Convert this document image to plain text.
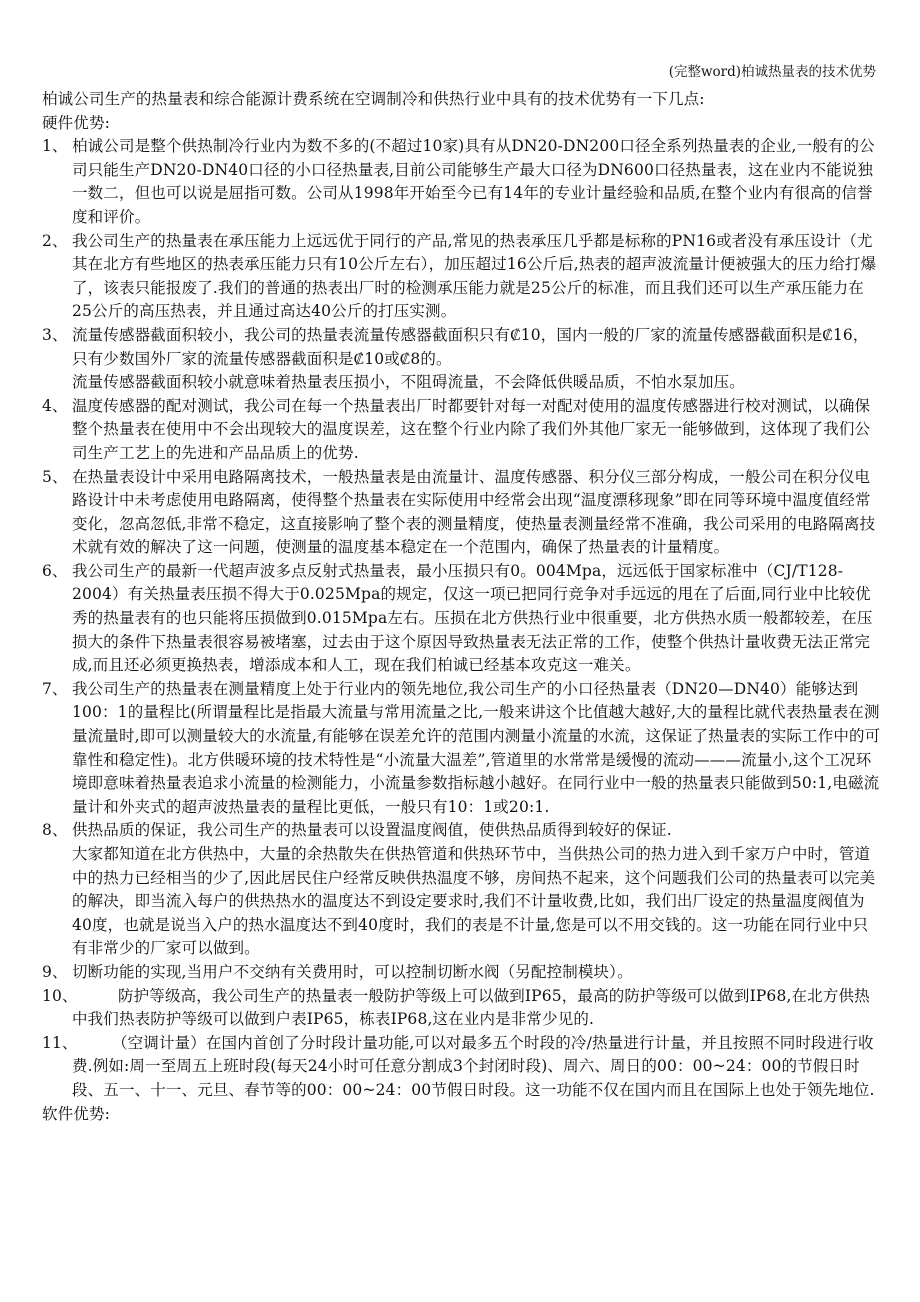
(完整word)柏诚热量表的技术优势
柏诚公司生产的热量表和综合能源计费系统在空调制冷和供热行业中具有的技术优势有一下几点:
硬件优势:
1、 柏诚公司是整个供热制冷行业内为数不多的(不超过10家)具有从DN20-DN200口径全系列热量表的企业,一般有的公司只能生产DN20-DN40口径的小口径热量表,目前公司能够生产最大口径为DN600口径热量表，这在业内不能说独一数二，但也可以说是屈指可数。公司从1998年开始至今已有14年的专业计量经验和品质,在整个业内有很高的信誉度和评价。
2、 我公司生产的热量表在承压能力上远远优于同行的产品,常见的热表承压几乎都是标称的PN16或者没有承压设计（尤其在北方有些地区的热表承压能力只有10公斤左右），加压超过16公斤后,热表的超声波流量计便被强大的压力给打爆了，该表只能报废了.我们的普通的热表出厂时的检测承压能力就是25公斤的标准，而且我们还可以生产承压能力在25公斤的高压热表，并且通过高达40公斤的打压实测。
3、 流量传感器截面积较小，我公司的热量表流量传感器截面积只有₡10，国内一般的厂家的流量传感器截面积是₡16，只有少数国外厂家的流量传感器截面积是₡10或₡8的。
流量传感器截面积较小就意味着热量表压损小，不阻碍流量，不会降低供暖品质，不怕水泵加压。
4、 温度传感器的配对测试，我公司在每一个热量表出厂时都要针对每一对配对使用的温度传感器进行校对测试，以确保整个热量表在使用中不会出现较大的温度误差，这在整个行业内除了我们外其他厂家无一能够做到，这体现了我们公司生产工艺上的先进和产品品质上的优势.
5、 在热量表设计中采用电路隔离技术，一般热量表是由流量计、温度传感器、积分仪三部分构成，一般公司在积分仪电路设计中未考虑使用电路隔离，使得整个热量表在实际使用中经常会出现“温度漂移现象”即在同等环境中温度值经常变化，忽高忽低,非常不稳定，这直接影响了整个表的测量精度，使热量表测量经常不准确，我公司采用的电路隔离技术就有效的解决了这一问题，使测量的温度基本稳定在一个范围内，确保了热量表的计量精度。
6、 我公司生产的最新一代超声波多点反射式热量表，最小压损只有0。004Mpa，远远低于国家标准中（CJ/T128-2004）有关热量表压损不得大于0.025Mpa的规定，仅这一项已把同行竞争对手远远的甩在了后面,同行业中比较优秀的热量表有的也只能将压损做到0.015Mpa左右。压损在北方供热行业中很重要，北方供热水质一般都较差，在压损大的条件下热量表很容易被堵塞，过去由于这个原因导致热量表无法正常的工作，使整个供热计量收费无法正常完成,而且还必须更换热表，增添成本和人工，现在我们柏诚已经基本攻克这一难关。
7、 我公司生产的热量表在测量精度上处于行业内的领先地位,我公司生产的小口径热量表（DN20—DN40）能够达到100：1的量程比(所谓量程比是指最大流量与常用流量之比,一般来讲这个比值越大越好,大的量程比就代表热量表在测量流量时,即可以测量较大的水流量,有能够在误差允许的范围内测量小流量的水流，这保证了热量表的实际工作中的可靠性和稳定性)。北方供暖环境的技术特性是“小流量大温差”,管道里的水常常是缓慢的流动———流量小,这个工况环境即意味着热量表追求小流量的检测能力，小流量参数指标越小越好。在同行业中一般的热量表只能做到50:1,电磁流量计和外夹式的超声波热量表的量程比更低，一般只有10：1或20:1.
8、 供热品质的保证，我公司生产的热量表可以设置温度阀值，使供热品质得到较好的保证.
大家都知道在北方供热中，大量的余热散失在供热管道和供热环节中，当供热公司的热力进入到千家万户中时，管道中的热力已经相当的少了,因此居民住户经常反映供热温度不够，房间热不起来，这个问题我们公司的热量表可以完美的解决，即当流入每户的供热热水的温度达不到设定要求时,我们不计量收费,比如，我们出厂设定的热量温度阀值为40度，也就是说当入户的热水温度达不到40度时，我们的表是不计量,您是可以不用交钱的。这一功能在同行业中只有非常少的厂家可以做到。
9、 切断功能的实现,当用户不交纳有关费用时，可以控制切断水阀（另配控制模块）。
10、	防护等级高，我公司生产的热量表一般防护等级上可以做到IP65，最高的防护等级可以做到IP68,在北方供热中我们热表防护等级可以做到户表IP65，栋表IP68,这在业内是非常少见的.
11、 （空调计量）在国内首创了分时段计量功能,可以对最多五个时段的冷/热量进行计量，并且按照不同时段进行收费.例如:周一至周五上班时段(每天24小时可任意分割成3个封闭时段)、周六、周日的00：00~24：00的节假日时段、五一、十一、元旦、春节等的00：00~24：00节假日时段。这一功能不仅在国内而且在国际上也处于领先地位.
软件优势:
